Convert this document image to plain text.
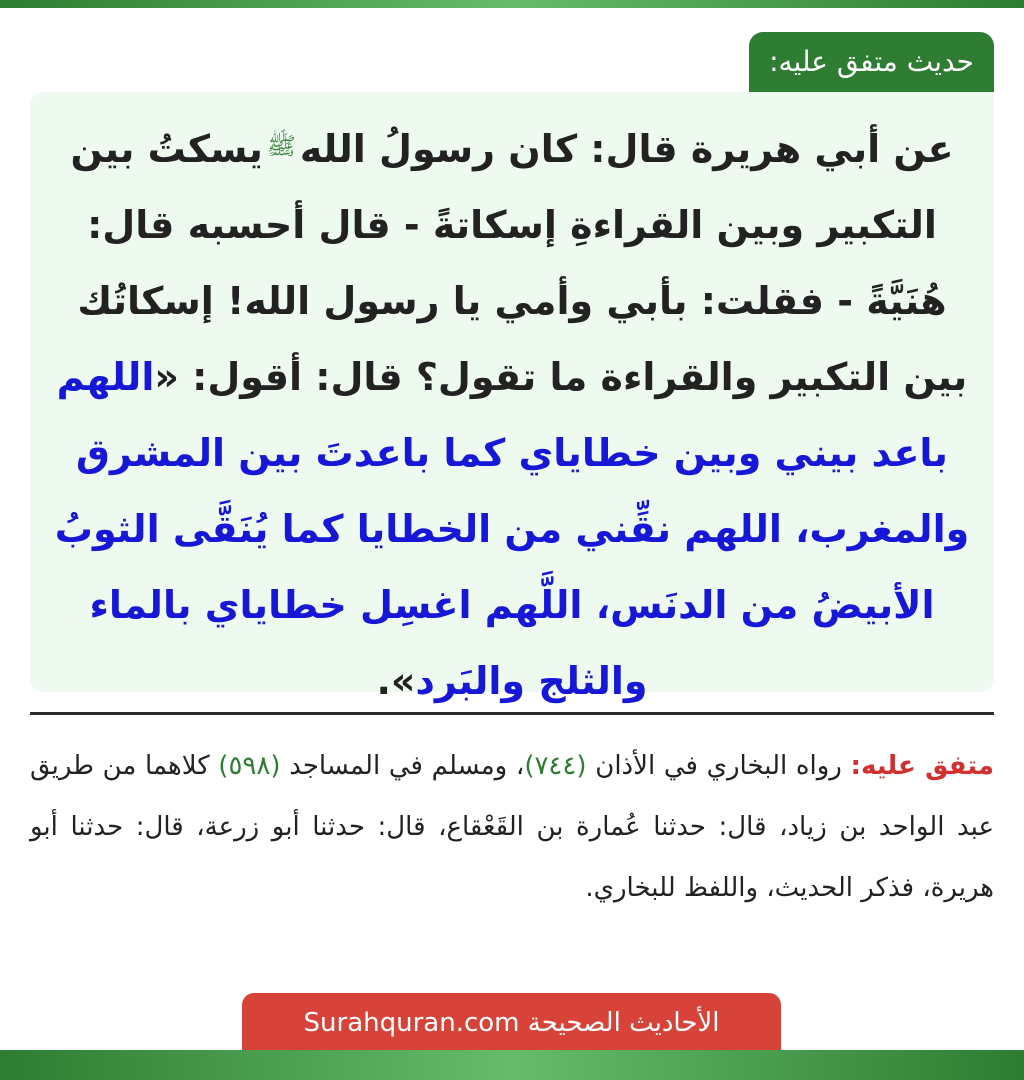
حديث متفق عليه:

عن أبي هريرة قال: كان رسولُ الله$^ﷺ$يسكتُ بين التكبير وبين القراءةِ إسكاتةً - قال أحسبه قال: هُنَيَّةً - فقلت: بأبي وأمي يا رسول الله! إسكاتُك بين التكبير والقراءة ما تقول؟ قال: أقول: «اللهم باعد بيني وبين خطاياي كما باعدتَ بين المشرق والمغرب، اللهم نقِّني من الخطايا كما يُنَقَّى الثوبُ الأبيضُ من الدنَس، اللَّهم اغسِل خطاياي بالماء والثلج والبَرد».

متفق عليه: رواه البخاري في الأذان (٧٤٤)، ومسلم في المساجد (٥٩٨) كلاهما من طريق عبد الواحد بن زياد، قال: حدثنا عُمارة بن القَعْقاع، قال: حدثنا أبو زرعة، قال: حدثنا أبو هريرة، فذكر الحديث، واللفظ للبخاري.

الأحاديث الصحيحة Surahquran.com
